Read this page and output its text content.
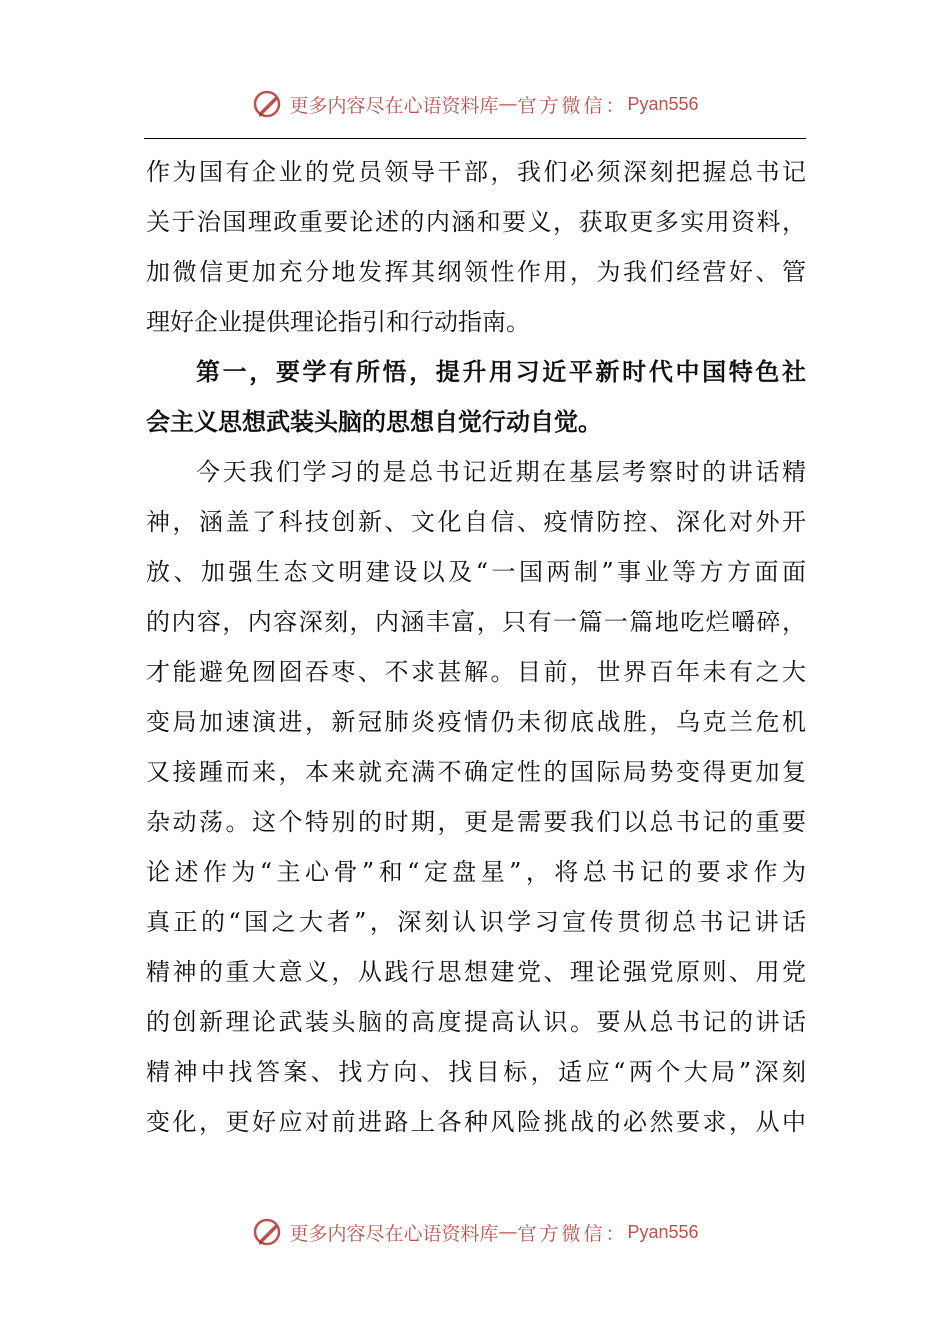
更多内容尽在心语资料库 — 官方微信： Pyan556
作为国有企业的党员领导干部，我们必须深刻把握总书记
关于治国理政重要论述的内涵和要义，获取更多实用资料，
加微信更加充分地发挥其纲领性作用，为我们经营好、管
理好企业提供理论指引和行动指南。
第一，要学有所悟，提升用习近平新时代中国特色社
会主义思想武装头脑的思想自觉行动自觉。
今天我们学习的是总书记近期在基层考察时的讲话精
神，涵盖了科技创新、文化自信、疫情防控、深化对外开
放、加强生态文明建设以及“一国两制”事业等方方面面
的内容，内容深刻，内涵丰富，只有一篇一篇地吃烂嚼碎，
才能避免囫囵吞枣、不求甚解。目前，世界百年未有之大
变局加速演进，新冠肺炎疫情仍未彻底战胜，乌克兰危机
又接踵而来，本来就充满不确定性的国际局势变得更加复
杂动荡。这个特别的时期，更是需要我们以总书记的重要
论述作为“主心骨”和“定盘星”，将总书记的要求作为
真正的“国之大者”，深刻认识学习宣传贯彻总书记讲话
精神的重大意义，从践行思想建党、理论强党原则、用党
的创新理论武装头脑的高度提高认识。要从总书记的讲话
精神中找答案、找方向、找目标，适应“两个大局”深刻
变化，更好应对前进路上各种风险挑战的必然要求，从中
更多内容尽在心语资料库 — 官方微信： Pyan556
